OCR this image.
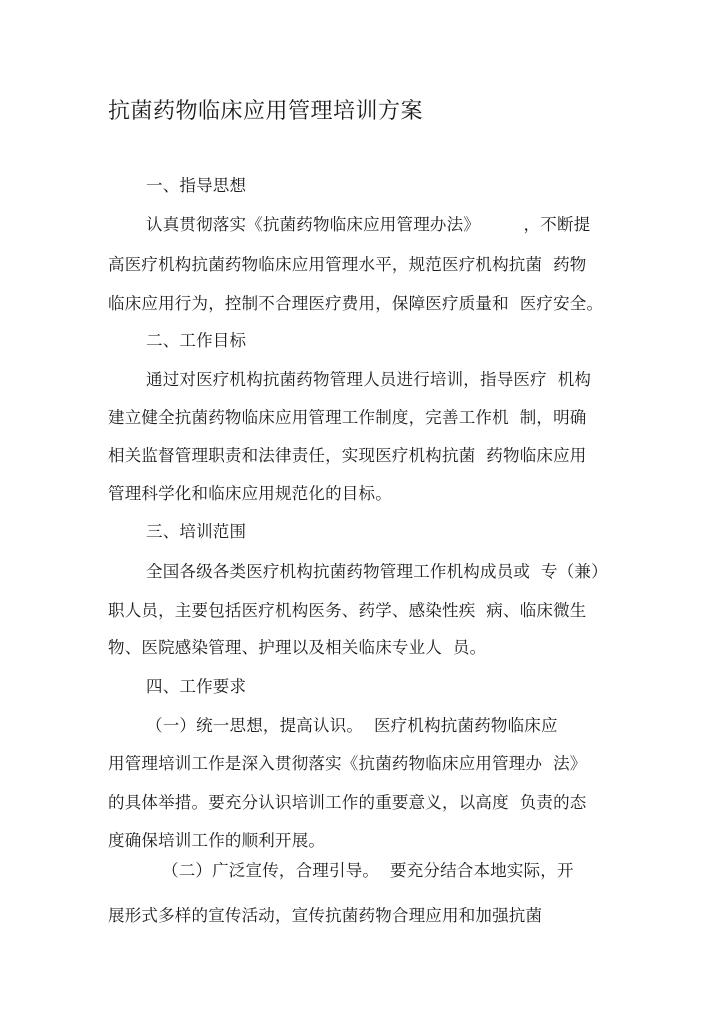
抗菌药物临床应用管理培训方案
一、指导思想
认真贯彻落实《抗菌药物临床应用管理办法》        ，不断提
高医疗机构抗菌药物临床应用管理水平，规范医疗机构抗菌  药物
临床应用行为，控制不合理医疗费用，保障医疗质量和  医疗安全。
二、工作目标
通过对医疗机构抗菌药物管理人员进行培训，指导医疗  机构
建立健全抗菌药物临床应用管理工作制度，完善工作机  制，明确
相关监督管理职责和法律责任，实现医疗机构抗菌  药物临床应用
管理科学化和临床应用规范化的目标。
三、培训范围
全国各级各类医疗机构抗菌药物管理工作机构成员或  专（兼）
职人员，主要包括医疗机构医务、药学、感染性疾  病、临床微生
物、医院感染管理、护理以及相关临床专业人  员。
四、工作要求
（一）统一思想，提高认识。  医疗机构抗菌药物临床应
用管理培训工作是深入贯彻落实《抗菌药物临床应用管理办  法》
的具体举措。要充分认识培训工作的重要意义，以高度  负责的态
度确保培训工作的顺利开展。
（二）广泛宣传，合理引导。  要充分结合本地实际，开
展形式多样的宣传活动，宣传抗菌药物合理应用和加强抗菌
